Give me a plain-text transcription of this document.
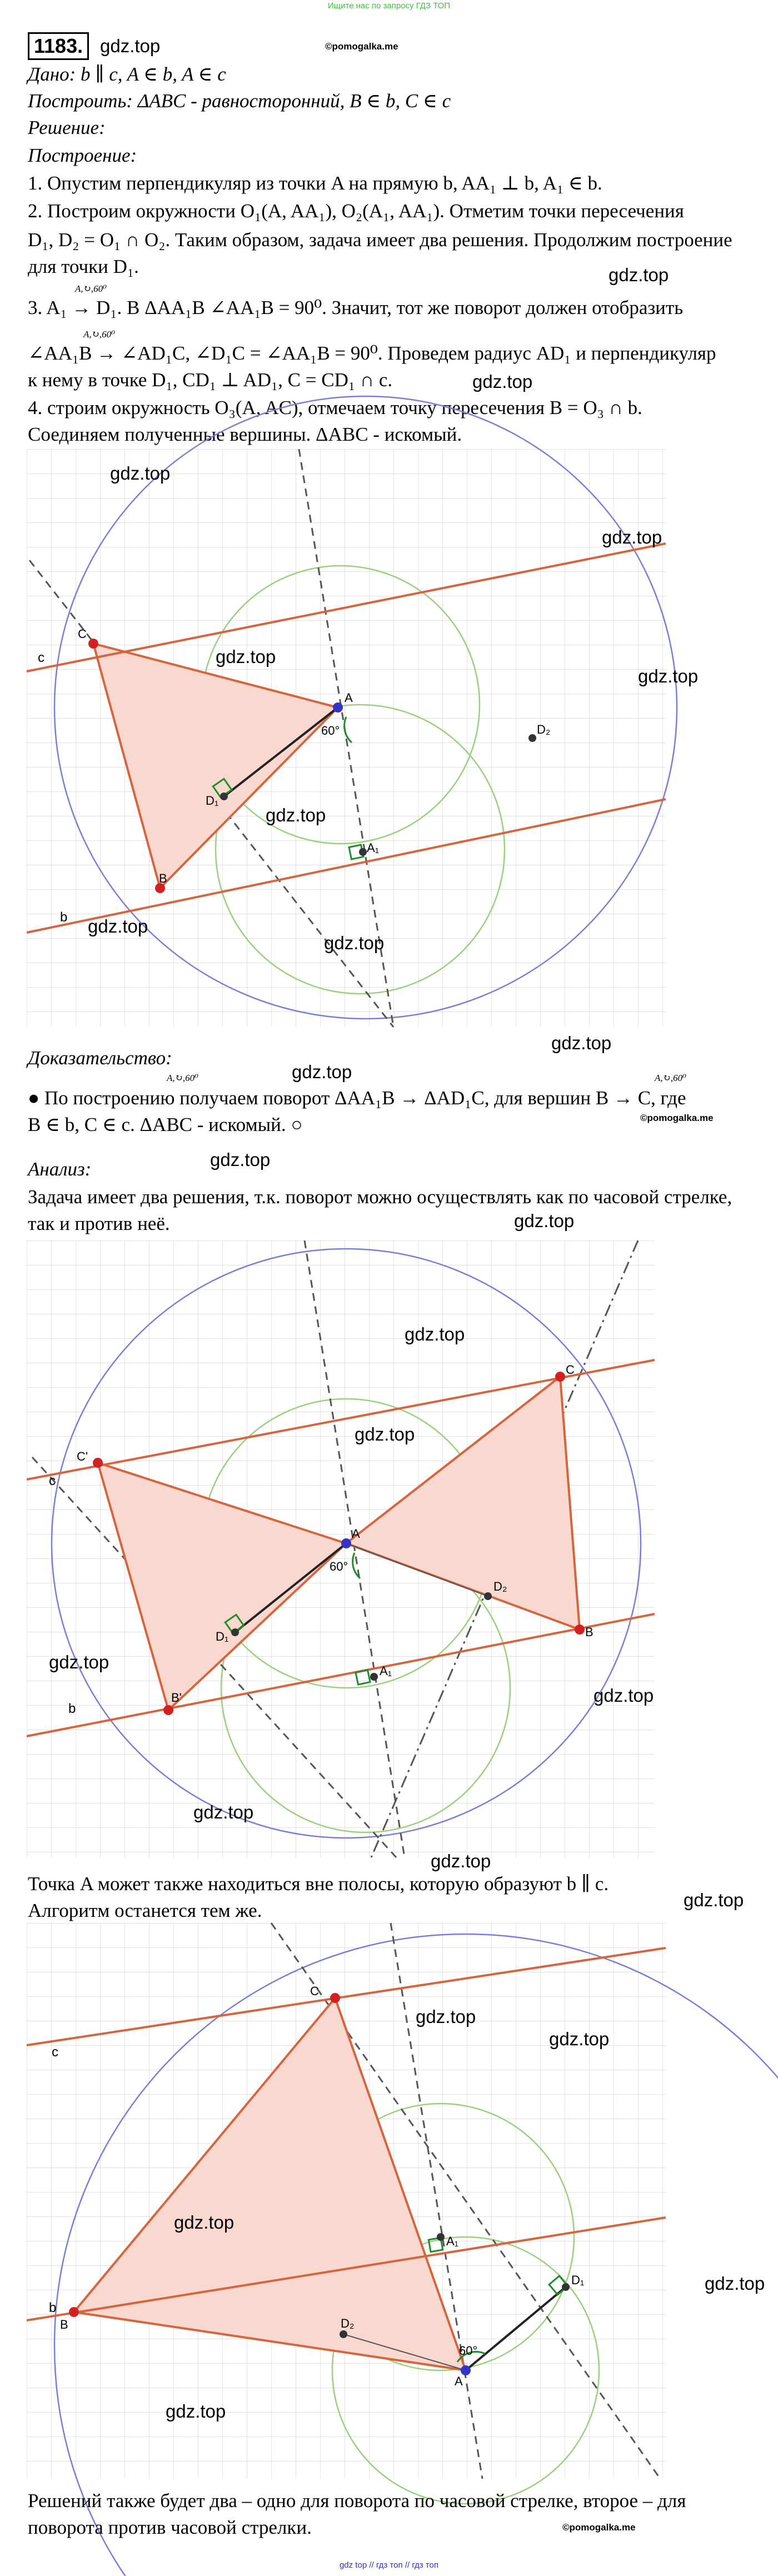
Ищите нас по запросу ГДЗ ТОП
gdz top // гдз топ // гдз топ
1183. gdz.top	©pomogalka.me
Дано: b ∥ c, A ∈ b, A ∈ c
Построить: ΔABC - равносторонний, B ∈ b, C ∈ c
Решение:
Построение:
1. Опустим перпендикуляр из точки A на прямую b, AA₁ ⊥ b, A₁ ∈ b.
2. Построим окружности O₁(A, AA₁), O₂(A₁, AA₁). Отметим точки пересечения
D₁, D₂ = O₁ ∩ O₂. Таким образом, задача имеет два решения. Продолжим построение
gdz.top
для точки D₁.
A,↻,60⁰
3. A₁ → D₁. В ΔAA₁B ∠AA₁B = 90⁰. Значит, тот же поворот должен отобразить
A,↻,60⁰
∠AA₁B → ∠AD₁C, ∠D₁C = ∠AA₁B = 90⁰. Проведем радиус AD₁ и перпендикуляр
к нему в точке D₁, CD₁ ⊥ AD₁, C = CD₁ ∩ c.	gdz.top
4. строим окружность O₃(A, AC), отмечаем точку пересечения B = O₃ ∩ b.
Соединяем полученные вершины. ΔABC - искомый.
60°
C
B
A
D₁
A₁
D₂
c
b
gdz.top
gdz.top
gdz.top
gdz.top
gdz.top
gdz.top
gdz.top
gdz.top
Доказательство:
gdz.top
A,↻,60⁰	A,↻,60⁰
● По построению получаем поворот ΔAA₁B → ΔAD₁C, для вершин B → C, где
B ∈ b, C ∈ c. ΔABC - искомый. ○	©pomogalka.me
gdz.top
Анализ:
Задача имеет два решения, т.к. поворот можно осуществлять как по часовой стрелке,
gdz.top
так и против неё.
60°
C'
B'
C
B
A
D₁
A₁
D₂
c
b
gdz.top
gdz.top
gdz.top
gdz.top
gdz.top
gdz.top
Точка A может также находиться вне полосы, которую образуют b ∥ c.
gdz.top
Алгоритм останется тем же.
60°
C
B
A
D₁
A₁
D₂
c
b
gdz.top
gdz.top
gdz.top
gdz.top
gdz.top
Решений также будет два – одно для поворота по часовой стрелке, второе – для
поворота против часовой стрелки.	©pomogalka.me
